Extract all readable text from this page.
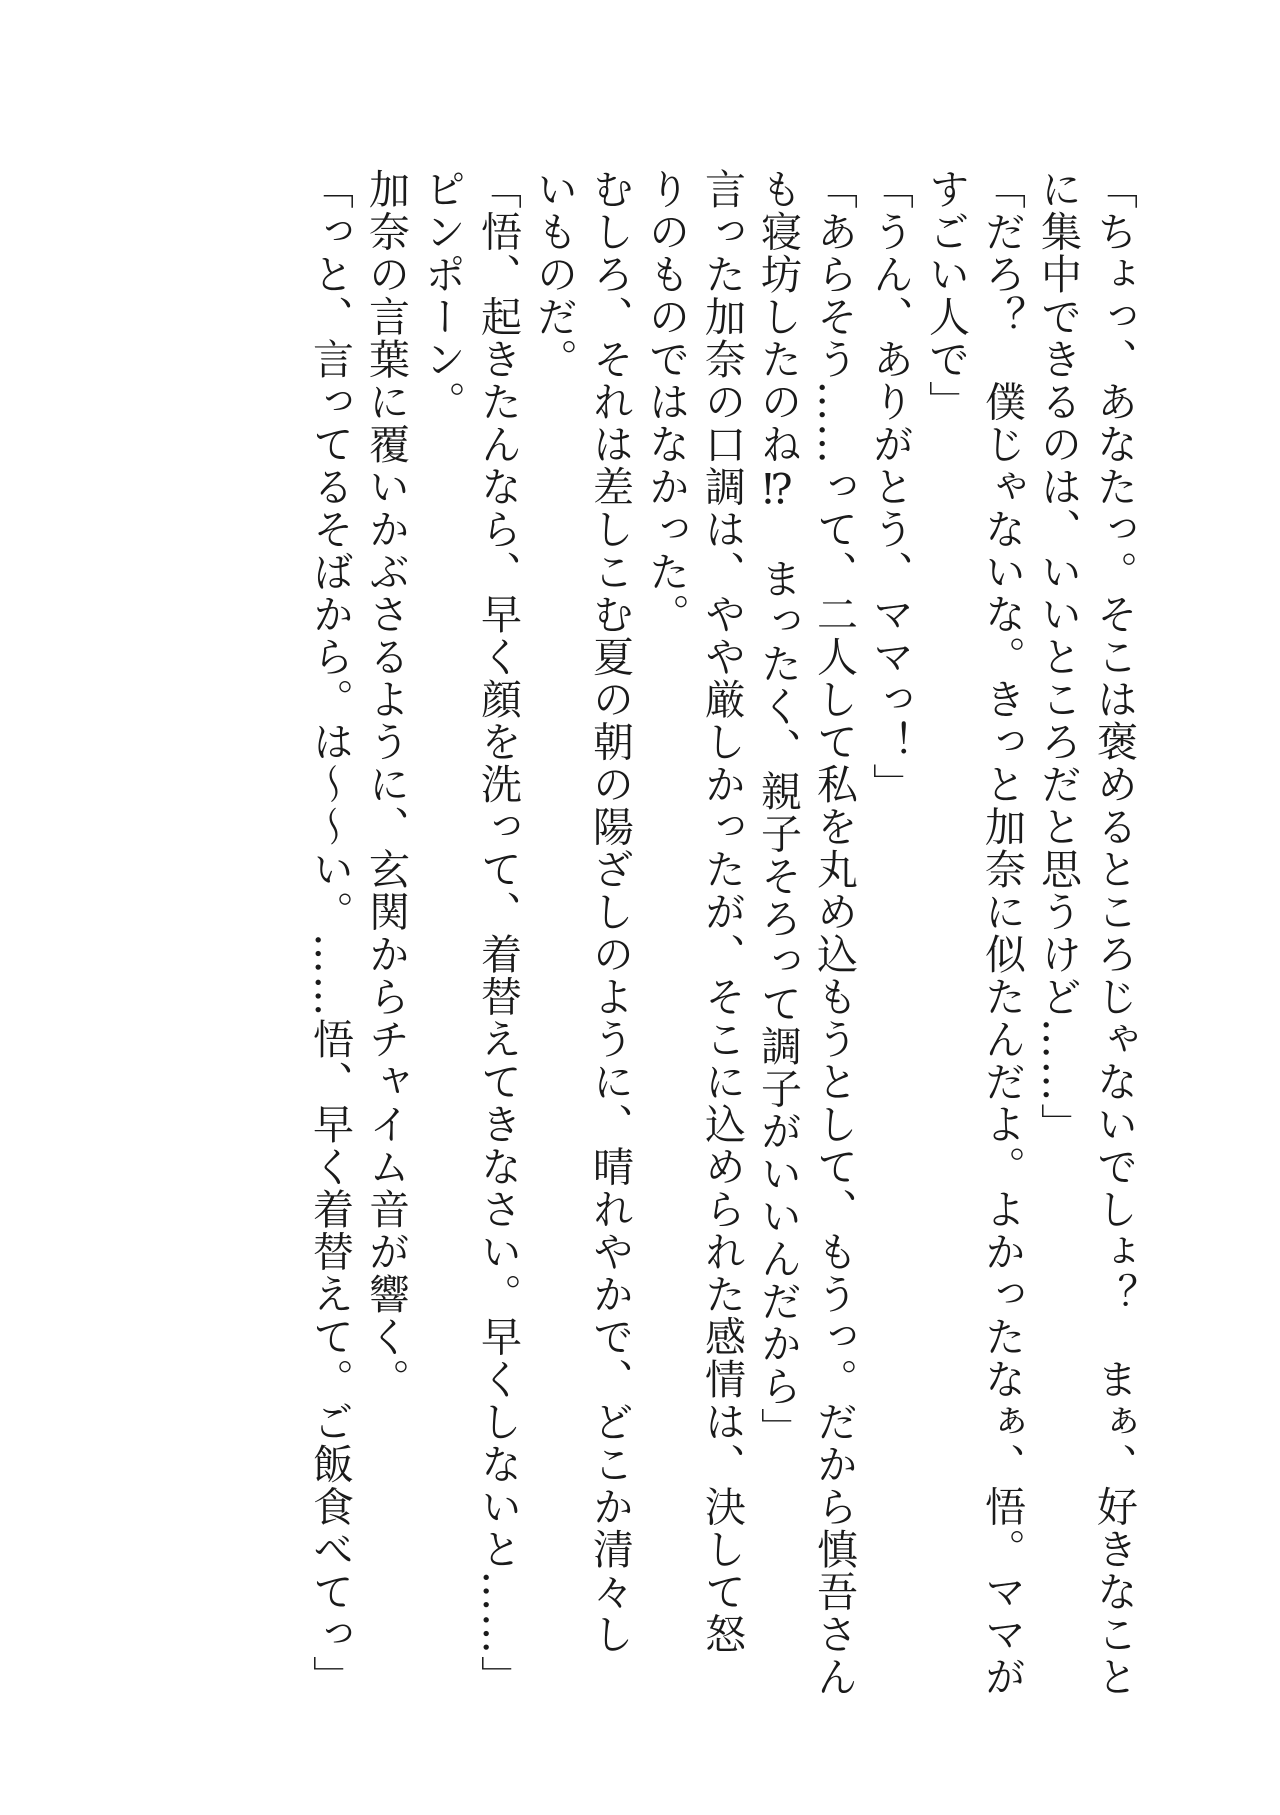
「ちょっ、あなたっ。そこは褒めるところじゃないでしょ？　まぁ、好きなこと
に集中できるのは、いいところだと思うけど……」
「だろ？　僕じゃないな。きっと加奈に似たんだよ。よかったなぁ、悟。ママが
すごい人で」
「うん、ありがとう、ママっ！」
「あらそう……って、二人して私を丸め込もうとして、もうっ。だから慎吾さん
も寝坊したのね⁉　まったく、親子そろって調子がいいんだから」
言った加奈の口調は、やや厳しかったが、そこに込められた感情は、決して怒
りのものではなかった。
むしろ、それは差しこむ夏の朝の陽ざしのように、晴れやかで、どこか清々し
いものだ。
「悟、起きたんなら、早く顔を洗って、着替えてきなさい。早くしないと……」
ピンポーン。
加奈の言葉に覆いかぶさるように、玄関からチャイム音が響く。
「っと、言ってるそばから。は〜〜い。……悟、早く着替えて。ご飯食べてっ」
